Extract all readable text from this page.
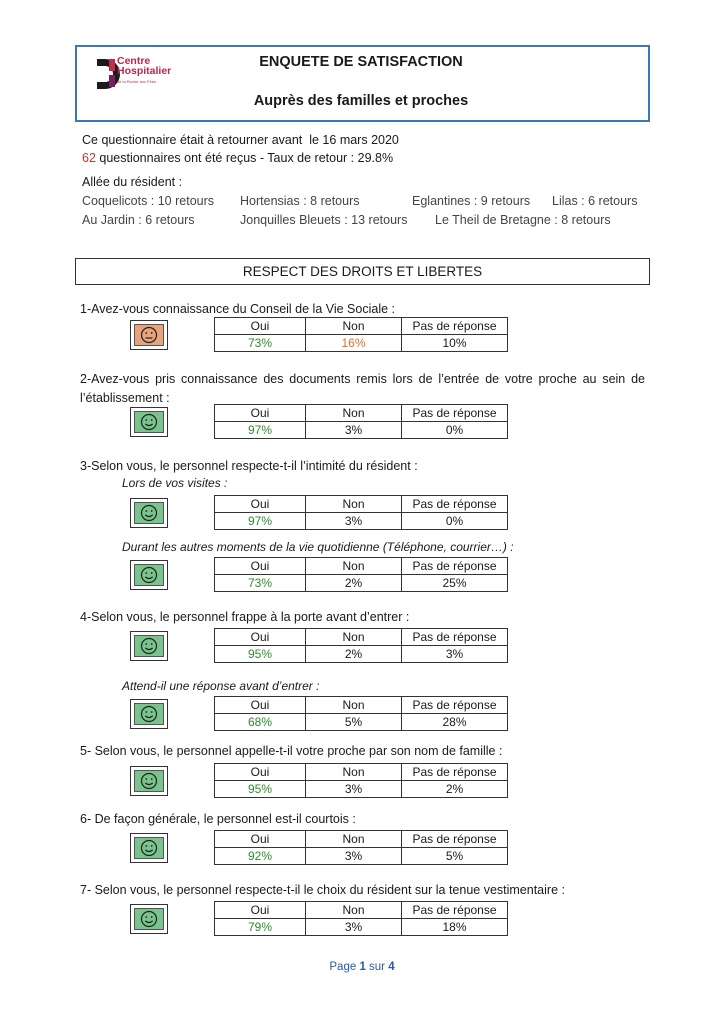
Centre
Hospitalier
de la Roche aux Fées
ENQUETE DE SATISFACTION
Auprès des familles et proches
Ce questionnaire était à retourner avant le 16 mars 2020
62 questionnaires ont été reçus - Taux de retour : 29.8%
Allée du résident :
Coquelicots : 10 retours Hortensias : 8 retours	Eglantines : 9 retours Lilas : 6 retours
Au Jardin : 6 retours	Jonquilles Bleuets : 13 retours Le Theil de Bretagne : 8 retours
RESPECT DES DROITS ET LIBERTES
1-Avez-vous connaissance du Conseil de la Vie Sociale :
Oui	Non	Pas de réponse
73%	16%	10%
2-Avez-vous pris connaissance des documents remis lors de l’entrée de votre proche au sein de l’établissement :
Oui	Non	Pas de réponse
97%	3%	0%
3-Selon vous, le personnel respecte-t-il l’intimité du résident :
Lors de vos visites :
Oui	Non	Pas de réponse
97%	3%	0%
Durant les autres moments de la vie quotidienne (Téléphone, courrier…) :
Oui	Non	Pas de réponse
73%	2%	25%
4-Selon vous, le personnel frappe à la porte avant d’entrer :
Oui	Non	Pas de réponse
95%	2%	3%
Attend-il une réponse avant d’entrer :
Oui	Non	Pas de réponse
68%	5%	28%
5- Selon vous, le personnel appelle-t-il votre proche par son nom de famille :
Oui	Non	Pas de réponse
95%	3%	2%
6- De façon générale, le personnel est-il courtois :
Oui	Non	Pas de réponse
92%	3%	5%
7- Selon vous, le personnel respecte-t-il le choix du résident sur la tenue vestimentaire :
Oui	Non	Pas de réponse
79%	3%	18%
Page 1 sur 4
